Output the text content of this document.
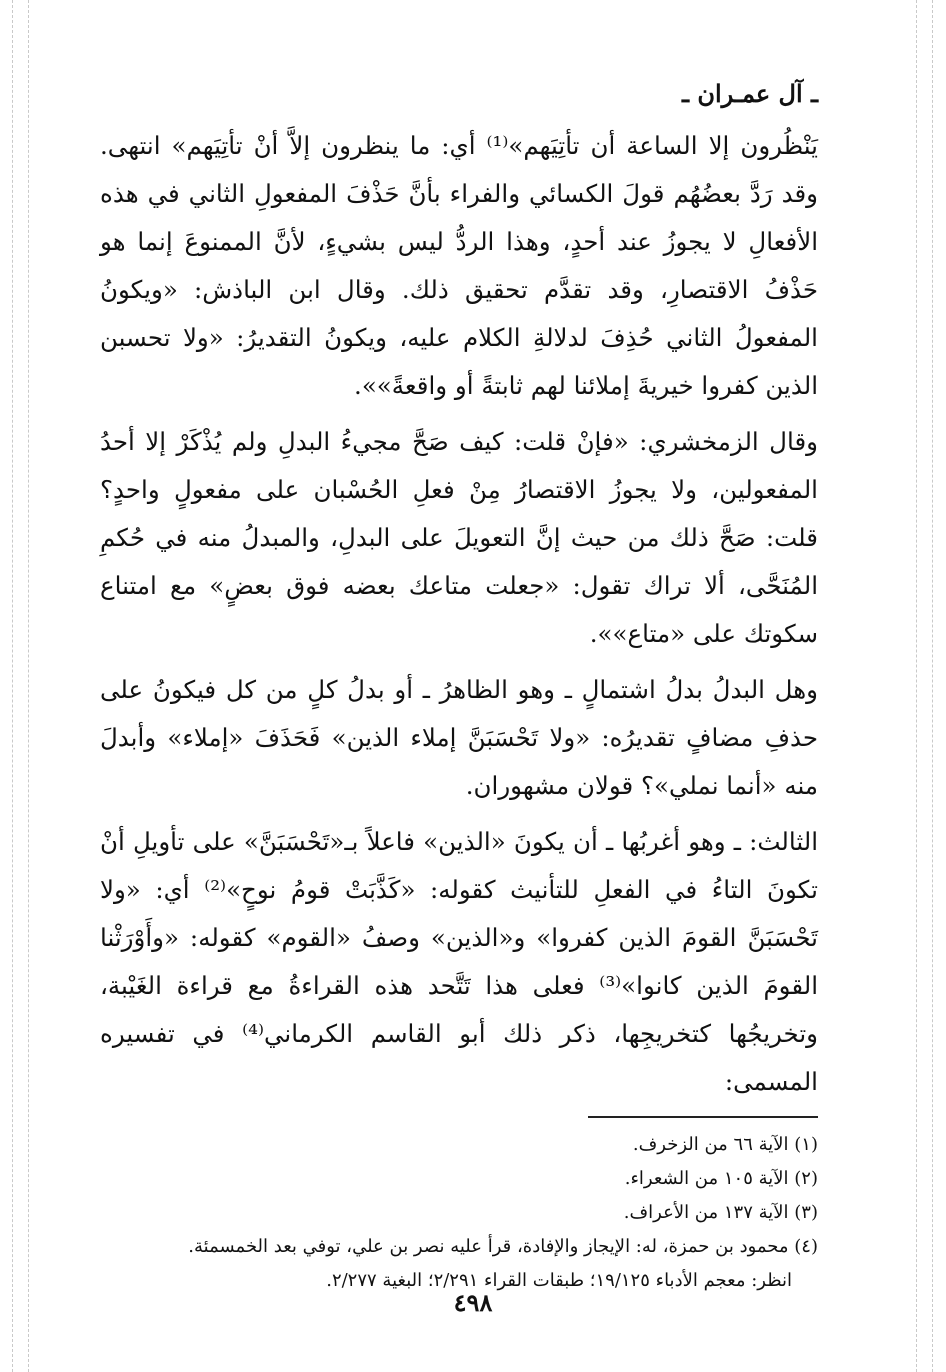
ـ آل عمـران ـ

يَنْظُرون إلا الساعة أن تأتِيَهم»⁽¹⁾ أي: ما ينظرون إلاَّ أنْ تأتِيَهم» انتهى. وقد رَدَّ بعضُهُم قولَ الكسائي والفراء بأنَّ حَذْفَ المفعولِ الثاني في هذه الأفعالِ لا يجوزُ عند أحدٍ، وهذا الردُّ ليس بشيءٍ، لأنَّ الممنوعَ إنما هو حَذْفُ الاقتصارِ، وقد تقدَّم تحقيق ذلك. وقال ابن الباذش: «ويكونُ المفعولُ الثاني حُذِفَ لدلالةِ الكلام عليه، ويكونُ التقديرُ: «ولا تحسبن الذين كفروا خيريةَ إملائنا لهم ثابتةً أو واقعةً»».

وقال الزمخشري: «فإنْ قلت: كيف صَحَّ مجيءُ البدلِ ولم يُذْكَرْ إلا أحدُ المفعولين، ولا يجوزُ الاقتصارُ مِنْ فعلِ الحُسْبان على مفعولٍ واحدٍ؟ قلت: صَحَّ ذلك من حيث إنَّ التعويلَ على البدلِ، والمبدلُ منه في حُكمِ المُنَحَّى، ألا تراك تقول: «جعلت متاعك بعضه فوق بعضٍ» مع امتناع سكوتك على «متاع»».

وهل البدلُ بدلُ اشتمالٍ ـ وهو الظاهرُ ـ أو بدلُ كلٍ من كل فيكونُ على حذفِ مضافٍ تقديرُه: «ولا تَحْسَبَنَّ إملاء الذين» فَحَذَفَ «إملاء» وأبدلَ منه «أنما نملي»؟ قولان مشهوران.

الثالث: ـ وهو أغربُها ـ أن يكونَ «الذين» فاعلاً بـ«تَحْسَبَنَّ» على تأويلِ أنْ تكونَ التاءُ في الفعلِ للتأنيث كقوله: «كَذَّبَتْ قومُ نوحٍ»⁽²⁾ أي: «ولا تَحْسَبَنَّ القومَ الذين كفروا» و«الذين» وصفُ «القوم» كقوله: «وأَوْرَثْنا القومَ الذين كانوا»⁽³⁾ فعلى هذا تَتَّحد هذه القراءةُ مع قراءة الغَيْبة، وتخريجُها كتخريجِها، ذكر ذلك أبو القاسم الكرماني⁽⁴⁾ في تفسيره المسمى:

(١) الآية ٦٦ من الزخرف.
(٢) الآية ١٠٥ من الشعراء.
(٣) الآية ١٣٧ من الأعراف.
(٤) محمود بن حمزة، له: الإيجاز والإفادة، قرأ عليه نصر بن علي، توفي بعد الخمسمئة.
انظر: معجم الأدباء ١٩/١٢٥؛ طبقات القراء ٢/٢٩١؛ البغية ٢/٢٧٧.
٤٩٨
